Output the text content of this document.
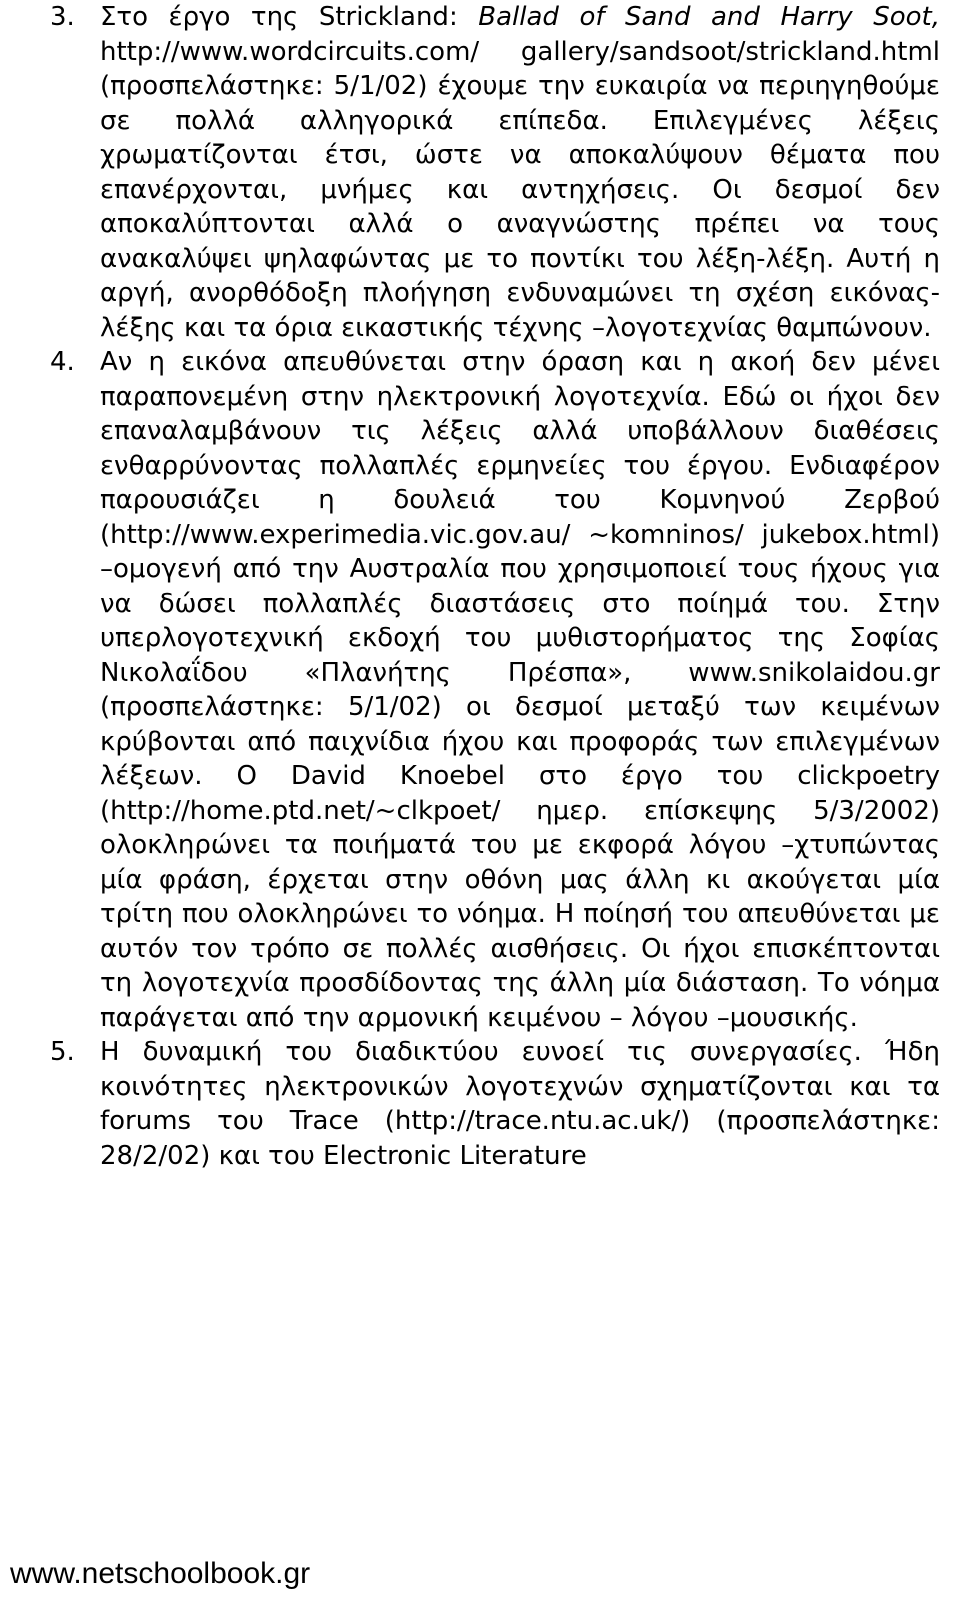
3. Στο έργο της Strickland: Ballad of Sand and Harry Soot, http://www.wordcircuits.com/ gallery/sandsoot/strickland.html (προσπελάστηκε: 5/1/02) έχουμε την ευκαιρία να περιηγηθούμε σε πολλά αλληγορικά επίπεδα. Επιλεγμένες λέξεις χρωματίζονται έτσι, ώστε να αποκαλύψουν θέματα που επανέρχονται, μνήμες και αντηχήσεις. Οι δεσμοί δεν αποκαλύπτονται αλλά ο αναγνώστης πρέπει να τους ανακαλύψει ψηλαφώντας με το ποντίκι του λέξη-λέξη. Αυτή η αργή, ανορθόδοξη πλοήγηση ενδυναμώνει τη σχέση εικόνας-λέξης και τα όρια εικαστικής τέχνης –λογοτεχνίας θαμπώνουν.
4. Αν η εικόνα απευθύνεται στην όραση και η ακοή δεν μένει παραπονεμένη στην ηλεκτρονική λογοτεχνία. Εδώ οι ήχοι δεν επαναλαμβάνουν τις λέξεις αλλά υποβάλλουν διαθέσεις ενθαρρύνοντας πολλαπλές ερμηνείες του έργου. Ενδιαφέρον παρουσιάζει η δουλειά του Κομνηνού Ζερβού (http://www.experimedia.vic.gov.au/ ~komninos/ jukebox.html) –ομογενή από την Αυστραλία που χρησιμοποιεί τους ήχους για να δώσει πολλαπλές διαστάσεις στο ποίημά του. Στην υπερλογοτεχνική εκδοχή του μυθιστορήματος της Σοφίας Νικολαΐδου «Πλανήτης Πρέσπα», www.snikolaidou.gr (προσπελάστηκε: 5/1/02) οι δεσμοί μεταξύ των κειμένων κρύβονται από παιχνίδια ήχου και προφοράς των επιλεγμένων λέξεων. Ο David Knoebel στο έργο του clickpoetry (http://home.ptd.net/~clkpoet/ ημερ. επίσκεψης 5/3/2002) ολοκληρώνει τα ποιήματά του με εκφορά λόγου –χτυπώντας μία φράση, έρχεται στην οθόνη μας άλλη κι ακούγεται μία τρίτη που ολοκληρώνει το νόημα. Η ποίησή του απευθύνεται με αυτόν τον τρόπο σε πολλές αισθήσεις. Οι ήχοι επισκέπτονται τη λογοτεχνία προσδίδοντας της άλλη μία διάσταση. Το νόημα παράγεται από την αρμονική κειμένου – λόγου –μουσικής.
5. Η δυναμική του διαδικτύου ευνοεί τις συνεργασίες. Ήδη κοινότητες ηλεκτρονικών λογοτεχνών σχηματίζονται και τα forums του Trace (http://trace.ntu.ac.uk/) (προσπελάστηκε: 28/2/02) και του Electronic Literature
www.netschoolbook.gr
